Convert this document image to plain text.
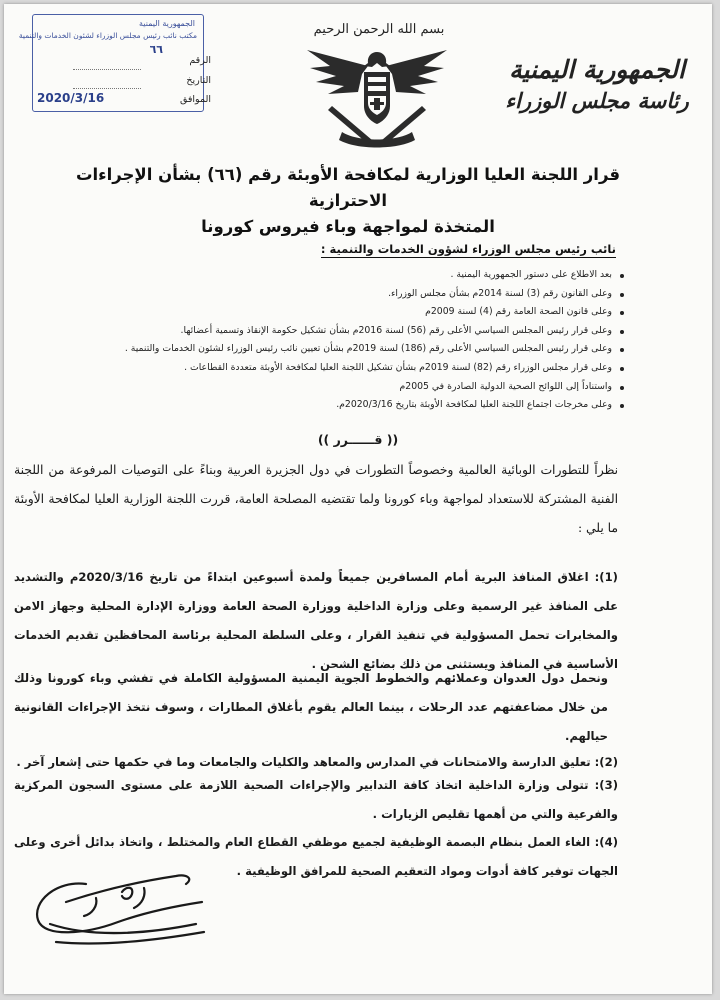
الجمهورية اليمنية
مكتب نائب رئيس مجلس الوزراء لشئون الخدمات والتنمية
٦٦
الرقم
التاريخ
الموافق
2020/3/16
بسم الله الرحمن الرحيم
الجمهورية اليمنية
رئاسة مجلس الوزراء
قرار اللجنة العليا الوزارية لمكافحة الأوبئة رقم (٦٦) بشأن الإجراءات الاحترازية
المتخذة لمواجهة وباء فيروس كورونا
نائب رئيس مجلس الوزراء لشؤون الخدمات والتنمية :
بعد الاطلاع على دستور الجمهورية اليمنية .
وعلى القانون رقم (3) لسنة 2014م بشأن مجلس الوزراء.
وعلى قانون الصحة العامة رقم (4) لسنة 2009م
وعلى قرار رئيس المجلس السياسي الأعلى رقم (56) لسنة 2016م بشأن تشكيل حكومة الإنقاذ وتسمية أعضائها.
وعلى قرار رئيس المجلس السياسي الأعلى رقم (186) لسنة 2019م بشأن تعيين نائب رئيس الوزراء لشئون الخدمات والتنمية .
وعلى قرار مجلس الوزراء رقم (82) لسنة 2019م بشأن تشكيل اللجنة العليا لمكافحة الأوبئة متعددة القطاعات .
واستناداً إلى اللوائح الصحية الدولية الصادرة في 2005م
وعلى مخرجات اجتماع اللجنة العليا لمكافحة الأوبئة بتاريخ 2020/3/16م.
(( قــــــرر ))

نظراً للتطورات الوبائية العالمية وخصوصاً التطورات في دول الجزيرة العربية وبناءً على التوصيات المرفوعة من اللجنة الفنية المشتركة للاستعداد لمواجهة وباء كورونا ولما تقتضيه المصلحة العامة، قررت اللجنة الوزارية العليا لمكافحة الأوبئة ما يلي :

(1): اغلاق المنافذ البرية أمام المسافرين جميعاً ولمدة أسبوعين ابتداءً من تاريخ 2020/3/16م والتشديد على المنافذ غير الرسمية وعلى وزارة الداخلية ووزارة الصحة العامة ووزارة الإدارة المحلية وجهاز الامن والمخابرات تحمل المسؤولية في تنفيذ القرار ، وعلى السلطة المحلية برئاسة المحافظين تقديم الخدمات الأساسية في المنافذ ويستثنى من ذلك بضائع الشحن .

ونحمل دول العدوان وعملائهم والخطوط الجوية اليمنية المسؤولية الكاملة في تفشي وباء كورونا وذلك من خلال مضاعفتهم عدد الرحلات ، بينما العالم يقوم بأغلاق المطارات ، وسوف نتخذ الإجراءات القانونية حيالهم.

(2): تعليق الدارسة والامتحانات في المدارس والمعاهد والكليات والجامعات وما في حكمها حتى إشعار آخر .

(3): تتولى وزارة الداخلية اتخاذ كافة التدابير والإجراءات الصحية اللازمة على مستوى السجون المركزية والفرعية والتي من أهمها تقليص الزيارات .

(4): الغاء العمل بنظام البصمة الوظيفية لجميع موظفي القطاع العام والمختلط ، واتخاذ بدائل أخرى وعلى الجهات توفير كافة أدوات ومواد التعقيم الصحية للمرافق الوظيفية .
